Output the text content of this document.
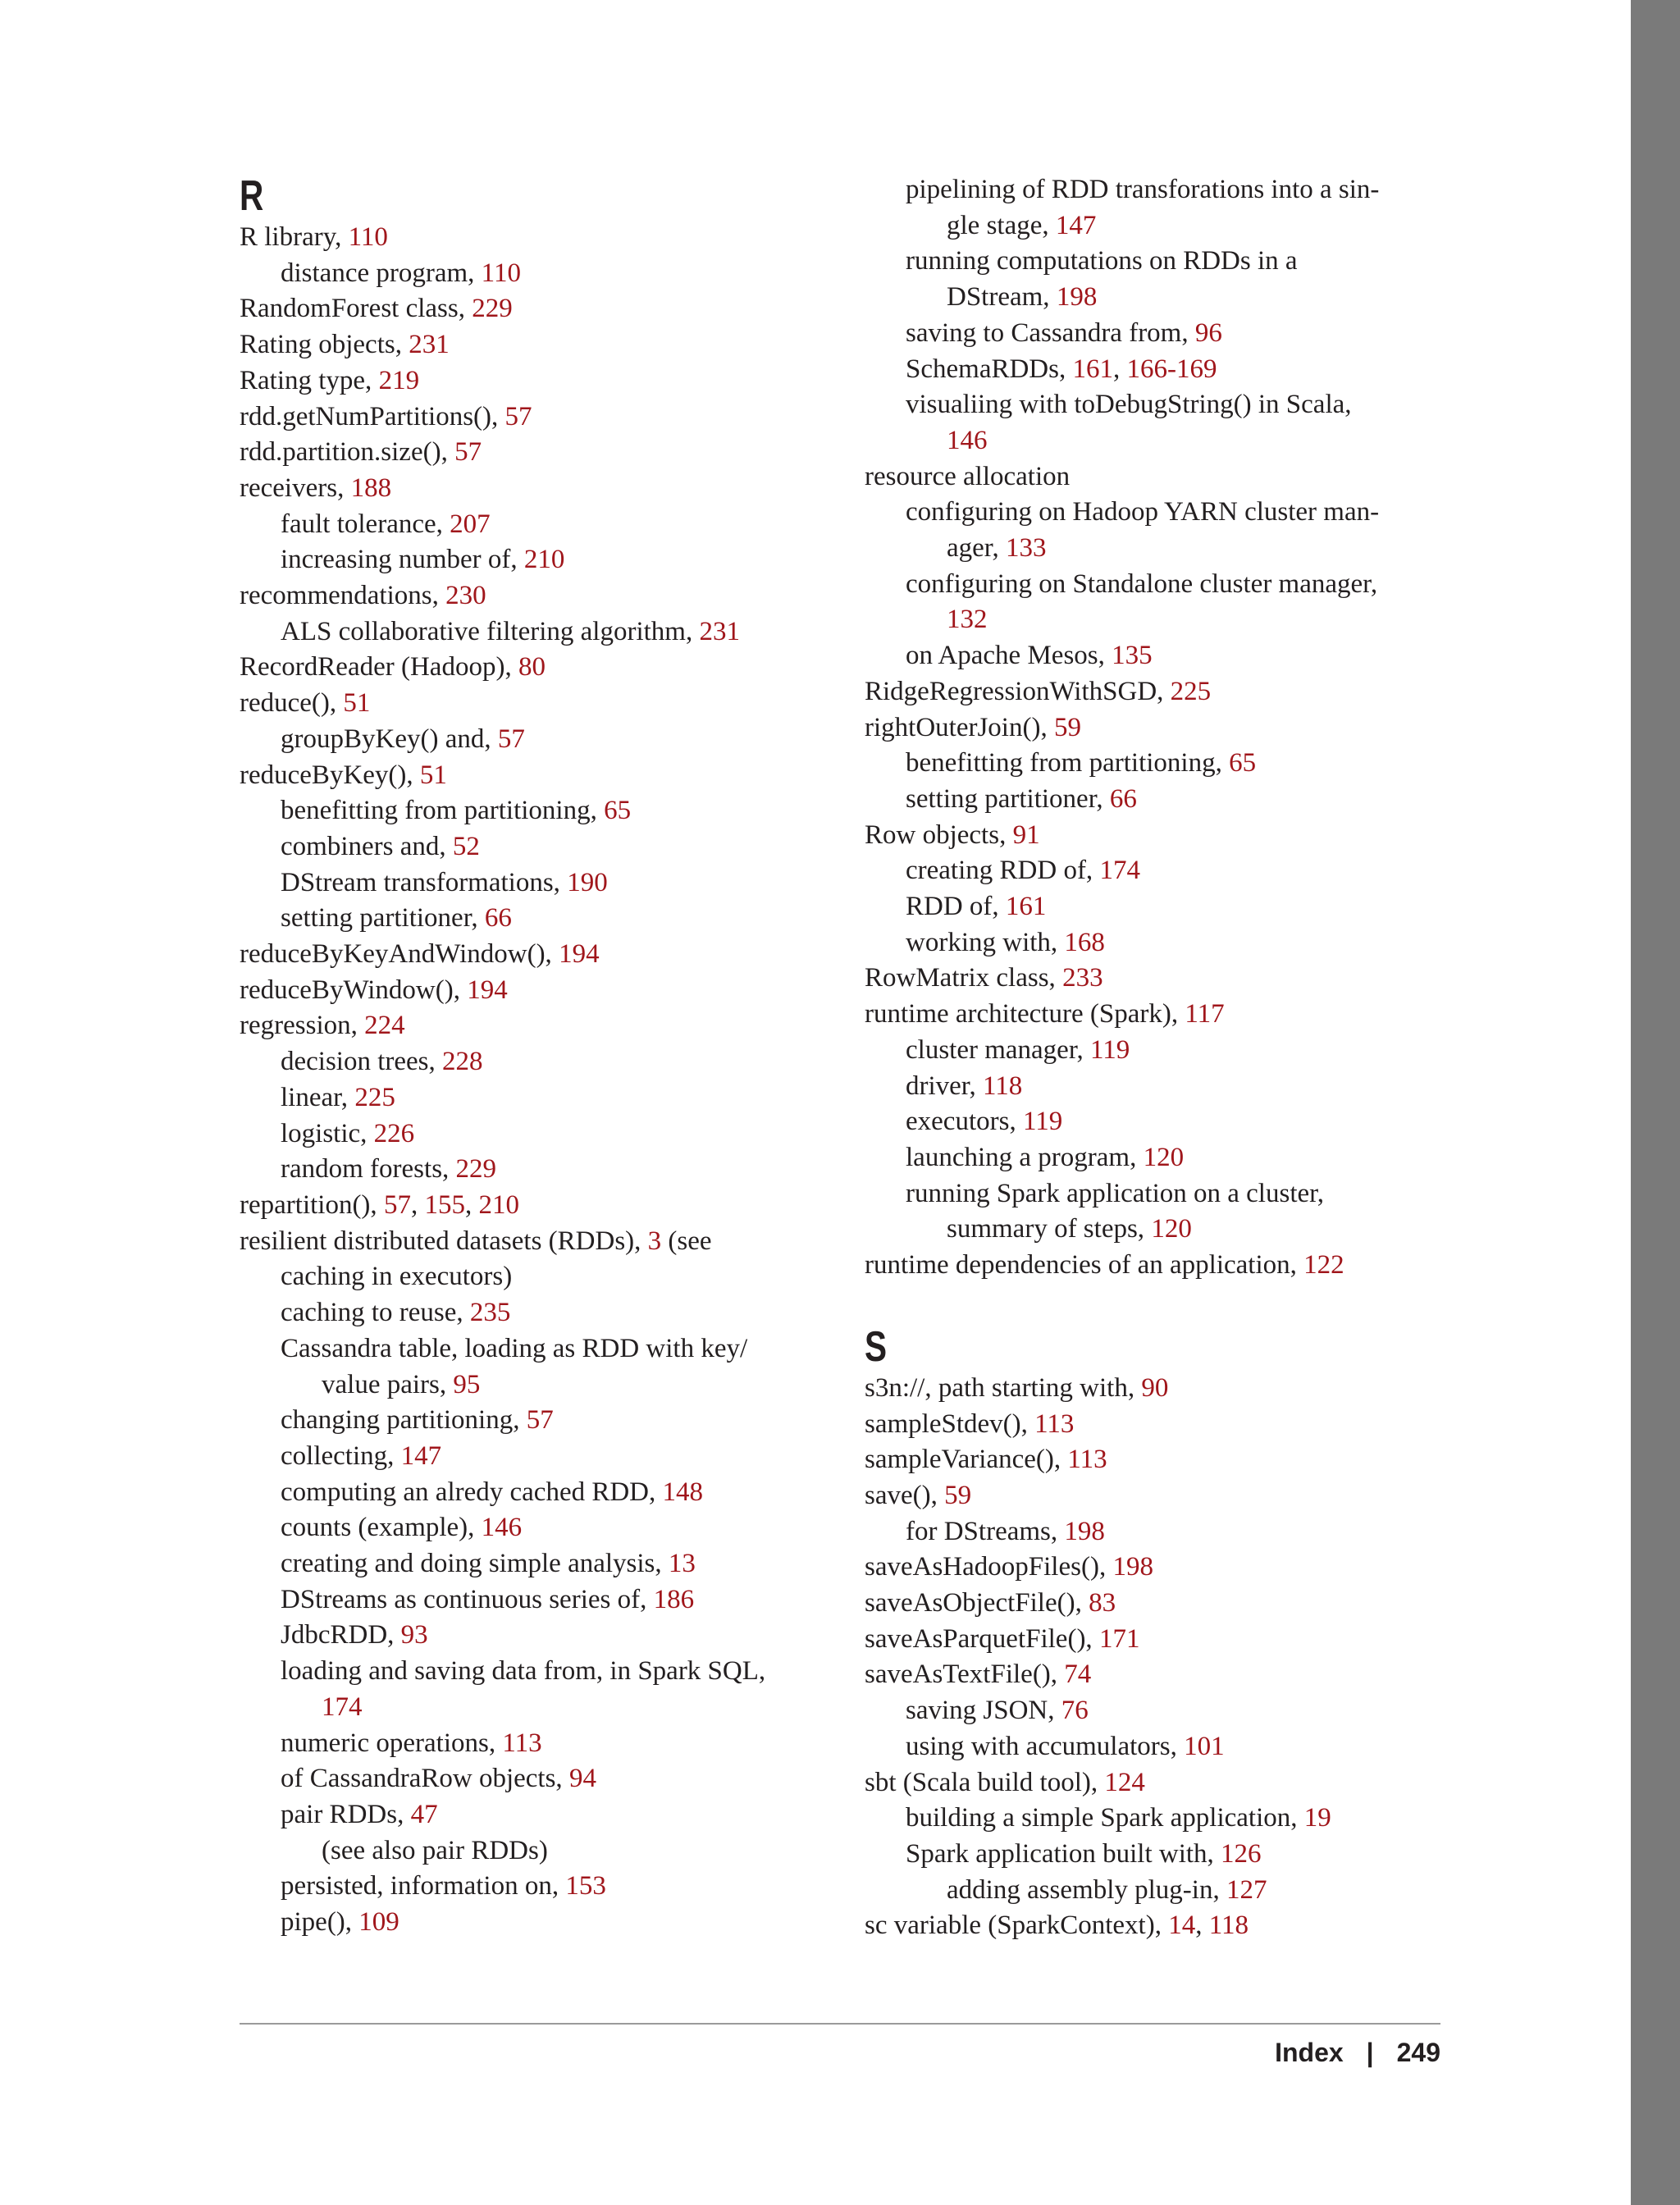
R
R library, 110
distance program, 110
RandomForest class, 229
Rating objects, 231
Rating type, 219
rdd.getNumPartitions(), 57
rdd.partition.size(), 57
receivers, 188
fault tolerance, 207
increasing number of, 210
recommendations, 230
ALS collaborative filtering algorithm, 231
RecordReader (Hadoop), 80
reduce(), 51
groupByKey() and, 57
reduceByKey(), 51
benefitting from partitioning, 65
combiners and, 52
DStream transformations, 190
setting partitioner, 66
reduceByKeyAndWindow(), 194
reduceByWindow(), 194
regression, 224
decision trees, 228
linear, 225
logistic, 226
random forests, 229
repartition(), 57, 155, 210
resilient distributed datasets (RDDs), 3 (see
caching in executors)
caching to reuse, 235
Cassandra table, loading as RDD with key/
value pairs, 95
changing partitioning, 57
collecting, 147
computing an alredy cached RDD, 148
counts (example), 146
creating and doing simple analysis, 13
DStreams as continuous series of, 186
JdbcRDD, 93
loading and saving data from, in Spark SQL,
174
numeric operations, 113
of CassandraRow objects, 94
pair RDDs, 47
(see also pair RDDs)
persisted, information on, 153
pipe(), 109
pipelining of RDD transforations into a sin-
gle stage, 147
running computations on RDDs in a
DStream, 198
saving to Cassandra from, 96
SchemaRDDs, 161, 166-169
visualiing with toDebugString() in Scala,
146
resource allocation
configuring on Hadoop YARN cluster man-
ager, 133
configuring on Standalone cluster manager,
132
on Apache Mesos, 135
RidgeRegressionWithSGD, 225
rightOuterJoin(), 59
benefitting from partitioning, 65
setting partitioner, 66
Row objects, 91
creating RDD of, 174
RDD of, 161
working with, 168
RowMatrix class, 233
runtime architecture (Spark), 117
cluster manager, 119
driver, 118
executors, 119
launching a program, 120
running Spark application on a cluster,
summary of steps, 120
runtime dependencies of an application, 122
S
s3n://, path starting with, 90
sampleStdev(), 113
sampleVariance(), 113
save(), 59
for DStreams, 198
saveAsHadoopFiles(), 198
saveAsObjectFile(), 83
saveAsParquetFile(), 171
saveAsTextFile(), 74
saving JSON, 76
using with accumulators, 101
sbt (Scala build tool), 124
building a simple Spark application, 19
Spark application built with, 126
adding assembly plug-in, 127
sc variable (SparkContext), 14, 118
Index | 249
